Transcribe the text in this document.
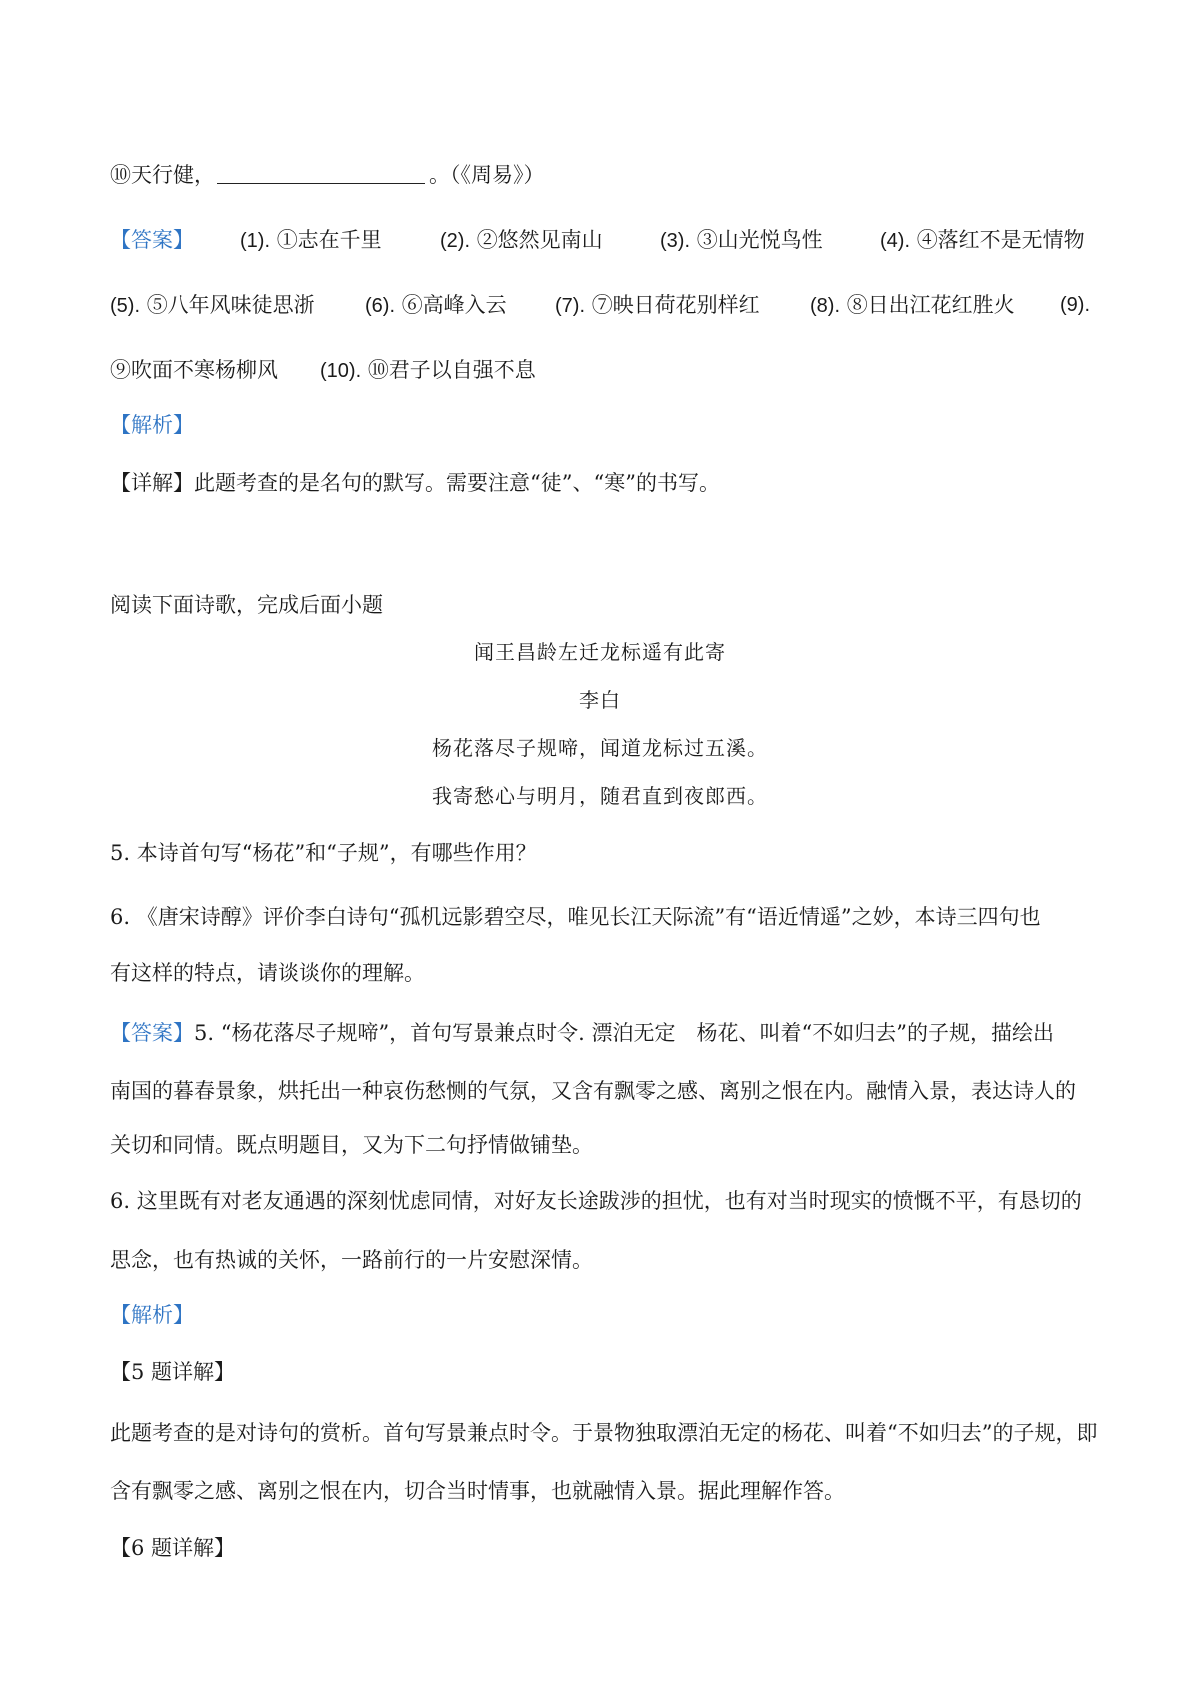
⑩天行健，	。（《周易》）
【答案】 (1). ①志在千里	(2). ②悠然见南山	(3). ③山光悦鸟性	(4). ④落红不是无情物
(5). ⑤八年风味徒思浙	(6). ⑥高峰入云 (7). ⑦映日荷花别样红	(8). ⑧日出江花红胜火 (9).
⑨吹面不寒杨柳风 (10). ⑩君子以自强不息
【解析】
【详解】此题考查的是名句的默写。需要注意“徒”、“寒”的书写。
阅读下面诗歌，完成后面小题
闻王昌龄左迁龙标遥有此寄
李白
杨花落尽子规啼，闻道龙标过五溪。
我寄愁心与明月，随君直到夜郎西。
5. 本诗首句写“杨花”和“子规”，有哪些作用？
6. 《唐宋诗醇》评价李白诗句“孤机远影碧空尽，唯见长江天际流”有“语近情遥”之妙，本诗三四句也
有这样的特点，请谈谈你的理解。
【答案】5. “杨花落尽子规啼”，首句写景兼点时令. 漂泊无定　杨花、叫着“不如归去”的子规，描绘出
南国的暮春景象，烘托出一种哀伤愁恻的气氛，又含有飘零之感、离别之恨在内。融情入景，表达诗人的
关切和同情。既点明题目，又为下二句抒情做铺垫。
6. 这里既有对老友通遇的深刻忧虑同情，对好友长途跋涉的担忧，也有对当时现实的愤慨不平，有恳切的
思念，也有热诚的关怀，一路前行的一片安慰深情。
【解析】
【5 题详解】
此题考查的是对诗句的赏析。首句写景兼点时令。于景物独取漂泊无定的杨花、叫着“不如归去”的子规，即
含有飘零之感、离别之恨在内，切合当时情事，也就融情入景。据此理解作答。
【6 题详解】
